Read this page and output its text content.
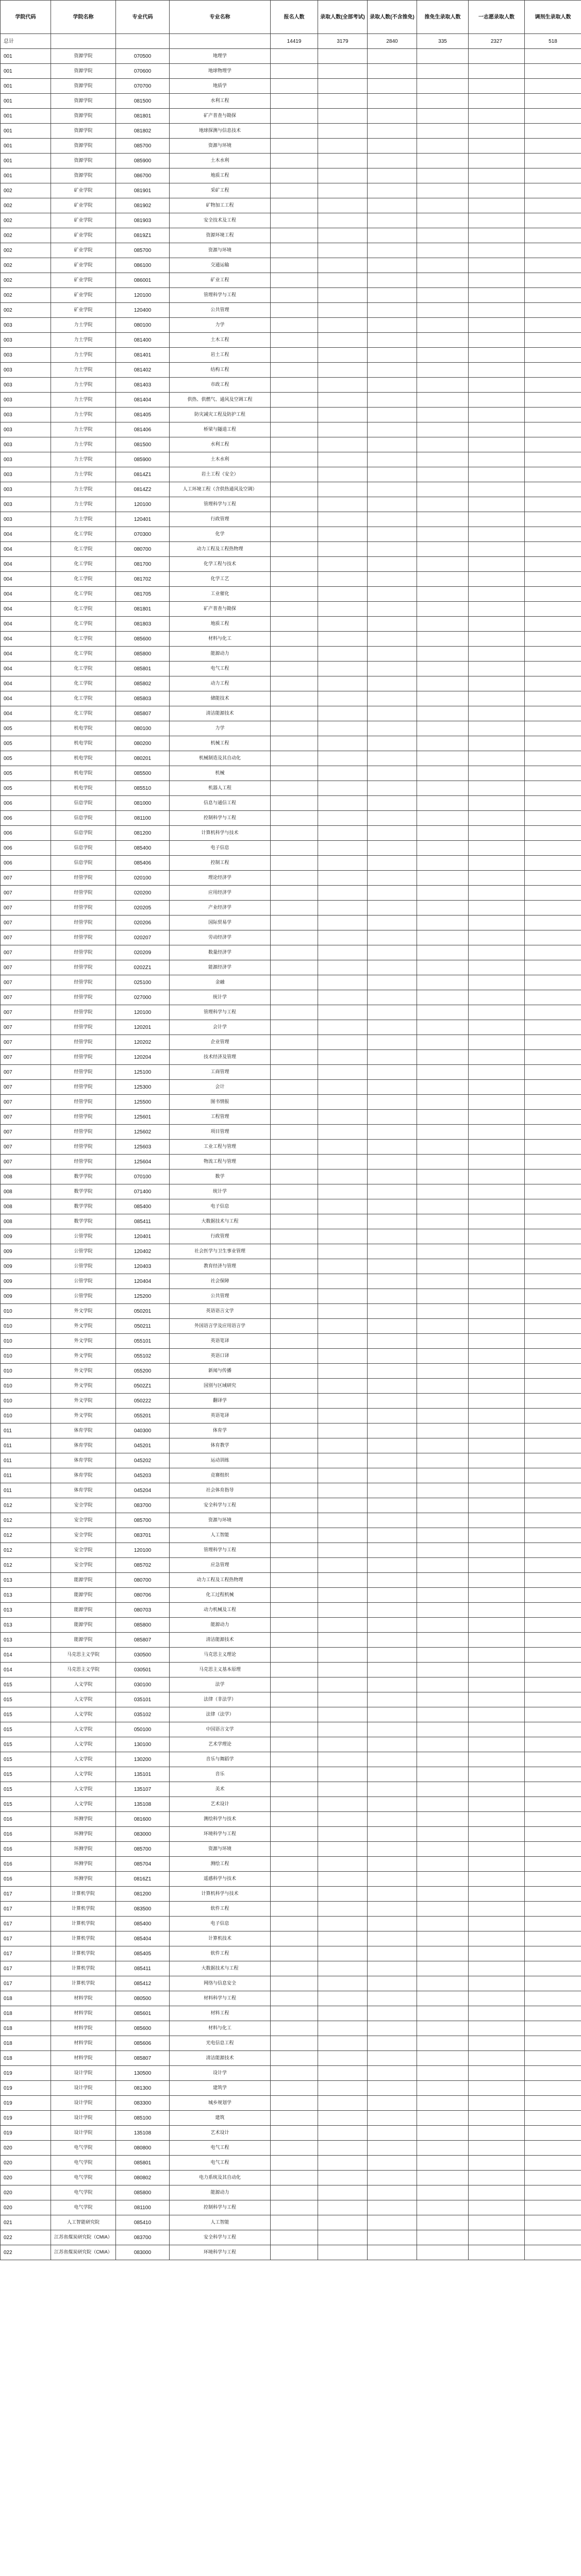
学院代码	学院名称	专业代码	专业名称	报名人数	录取人数(全部考试)	录取人数(不含推免)	推免生录取人数	一志愿录取人数	调剂生录取人数
总计				14419	3179	2840	335	2327	518
001	资源学院	070500	地理学						
001	资源学院	070600	地球物理学						
001	资源学院	070700	地质学						
001	资源学院	081500	水利工程						
001	资源学院	081801	矿产普查与勘探						
001	资源学院	081802	地球探测与信息技术						
001	资源学院	085700	资源与环境						
001	资源学院	085900	土木水利						
001	资源学院	086700	地质工程						
002	矿业学院	081901	采矿工程						
002	矿业学院	081902	矿物加工工程						
002	矿业学院	081903	安全技术及工程						
002	矿业学院	0819Z1	资源环境工程						
002	矿业学院	085700	资源与环境						
002	矿业学院	086100	交通运输						
002	矿业学院	086001	矿业工程						
002	矿业学院	120100	管理科学与工程						
002	矿业学院	120400	公共管理						
003	力土学院	080100	力学						
003	力土学院	081400	土木工程						
003	力土学院	081401	岩土工程						
003	力土学院	081402	结构工程						
003	力土学院	081403	市政工程						
003	力土学院	081404	供热、供燃气、通风及空调工程						
003	力土学院	081405	防灾减灾工程及防护工程						
003	力土学院	081406	桥梁与隧道工程						
003	力土学院	081500	水利工程						
003	力土学院	085900	土木水利						
003	力土学院	0814Z1	岩土工程（安全）						
003	力土学院	0814Z2	人工环境工程（含供热通风及空调）						
003	力土学院	120100	管理科学与工程						
003	力土学院	120401	行政管理						
004	化工学院	070300	化学						
004	化工学院	080700	动力工程及工程热物理						
004	化工学院	081700	化学工程与技术						
004	化工学院	081702	化学工艺						
004	化工学院	081705	工业催化						
004	化工学院	081801	矿产普查与勘探						
004	化工学院	081803	地质工程						
004	化工学院	085600	材料与化工						
004	化工学院	085800	能源动力						
004	化工学院	085801	电气工程						
004	化工学院	085802	动力工程						
004	化工学院	085803	储能技术						
004	化工学院	085807	清洁能源技术						
005	机电学院	080100	力学						
005	机电学院	080200	机械工程						
005	机电学院	080201	机械制造及其自动化						
005	机电学院	085500	机械						
005	机电学院	085510	机器人工程						
006	信息学院	081000	信息与通信工程						
006	信息学院	081100	控制科学与工程						
006	信息学院	081200	计算机科学与技术						
006	信息学院	085400	电子信息						
006	信息学院	085406	控制工程						
007	经管学院	020100	理论经济学						
007	经管学院	020200	应用经济学						
007	经管学院	020205	产业经济学						
007	经管学院	020206	国际贸易学						
007	经管学院	020207	劳动经济学						
007	经管学院	020209	数量经济学						
007	经管学院	0202Z1	能源经济学						
007	经管学院	025100	金融						
007	经管学院	027000	统计学						
007	经管学院	120100	管理科学与工程						
007	经管学院	120201	会计学						
007	经管学院	120202	企业管理						
007	经管学院	120204	技术经济及管理						
007	经管学院	125100	工商管理						
007	经管学院	125300	会计						
007	经管学院	125500	图书情报						
007	经管学院	125601	工程管理						
007	经管学院	125602	项目管理						
007	经管学院	125603	工业工程与管理						
007	经管学院	125604	物流工程与管理						
008	数学学院	070100	数学						
008	数学学院	071400	统计学						
008	数学学院	085400	电子信息						
008	数学学院	085411	大数据技术与工程						
009	公管学院	120401	行政管理						
009	公管学院	120402	社会医学与卫生事业管理						
009	公管学院	120403	教育经济与管理						
009	公管学院	120404	社会保障						
009	公管学院	125200	公共管理						
010	外文学院	050201	英语语言文学						
010	外文学院	050211	外国语言学及应用语言学						
010	外文学院	055101	英语笔译						
010	外文学院	055102	英语口译						
010	外文学院	055200	新闻与传播						
010	外文学院	0502Z1	国别与区域研究						
010	外文学院	050222	翻译学						
010	外文学院	055201	英语笔译						
011	体育学院	040300	体育学						
011	体育学院	045201	体育教学						
011	体育学院	045202	运动训练						
011	体育学院	045203	竞赛组织						
011	体育学院	045204	社会体育指导						
012	安全学院	083700	安全科学与工程						
012	安全学院	085700	资源与环境						
012	安全学院	083701	人工智能						
012	安全学院	120100	管理科学与工程						
012	安全学院	085702	应急管理						
013	能源学院	080700	动力工程及工程热物理						
013	能源学院	080706	化工过程机械						
013	能源学院	080703	动力机械及工程						
013	能源学院	085800	能源动力						
013	能源学院	085807	清洁能源技术						
014	马克思主义学院	030500	马克思主义理论						
014	马克思主义学院	030501	马克思主义基本原理						
015	人文学院	030100	法学						
015	人文学院	035101	法律（非法学）						
015	人文学院	035102	法律（法学）						
015	人文学院	050100	中国语言文学						
015	人文学院	130100	艺术学理论						
015	人文学院	130200	音乐与舞蹈学						
015	人文学院	135101	音乐						
015	人文学院	135107	美术						
015	人文学院	135108	艺术设计						
016	环测学院	081600	测绘科学与技术						
016	环测学院	083000	环境科学与工程						
016	环测学院	085700	资源与环境						
016	环测学院	085704	测绘工程						
016	环测学院	0816Z1	遥感科学与技术						
017	计算机学院	081200	计算机科学与技术						
017	计算机学院	083500	软件工程						
017	计算机学院	085400	电子信息						
017	计算机学院	085404	计算机技术						
017	计算机学院	085405	软件工程						
017	计算机学院	085411	大数据技术与工程						
017	计算机学院	085412	网络与信息安全						
018	材料学院	080500	材料科学与工程						
018	材料学院	085601	材料工程						
018	材料学院	085600	材料与化工						
018	材料学院	085606	光电信息工程						
018	材料学院	085807	清洁能源技术						
019	设计学院	130500	设计学						
019	设计学院	081300	建筑学						
019	设计学院	083300	城乡规划学						
019	设计学院	085100	建筑						
019	设计学院	135108	艺术设计						
020	电气学院	080800	电气工程						
020	电气学院	085801	电气工程						
020	电气学院	080802	电力系统及其自动化						
020	电气学院	085800	能源动力						
020	电气学院	081100	控制科学与工程						
021	人工智能研究院	085410	人工智能						
022	江苏省煤炭研究院（CMIA）	083700	安全科学与工程						
022	江苏省煤炭研究院（CMIA）	083000	环境科学与工程						
